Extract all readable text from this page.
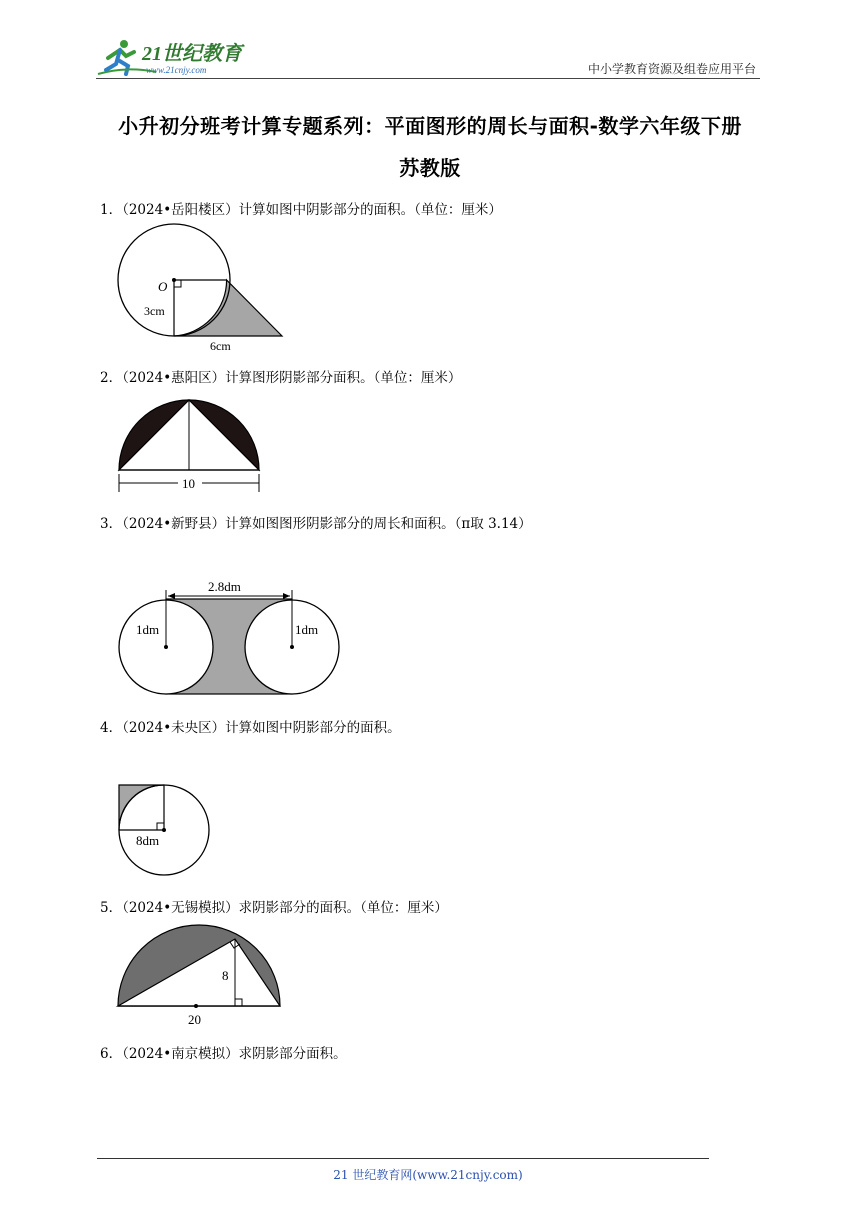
21世纪教育
www.21cnjy.com	中小学教育资源及组卷应用平台
小升初分班考计算专题系列：平面图形的周长与面积-数学六年级下册
苏教版
1．（2024•岳阳楼区）计算如图中阴影部分的面积。（单位：厘米）
O
3cm
6cm
2．（2024•惠阳区）计算图形阴影部分面积。（单位：厘米）
10
3．（2024•新野县）计算如图图形阴影部分的周长和面积。（π取 3.14）
2.8dm
1dm	1dm
4．（2024•未央区）计算如图中阴影部分的面积。
8dm
5．（2024•无锡模拟）求阴影部分的面积。（单位：厘米）
8
20
6．（2024•南京模拟）求阴影部分面积。
21 世纪教育网(www.21cnjy.com)
